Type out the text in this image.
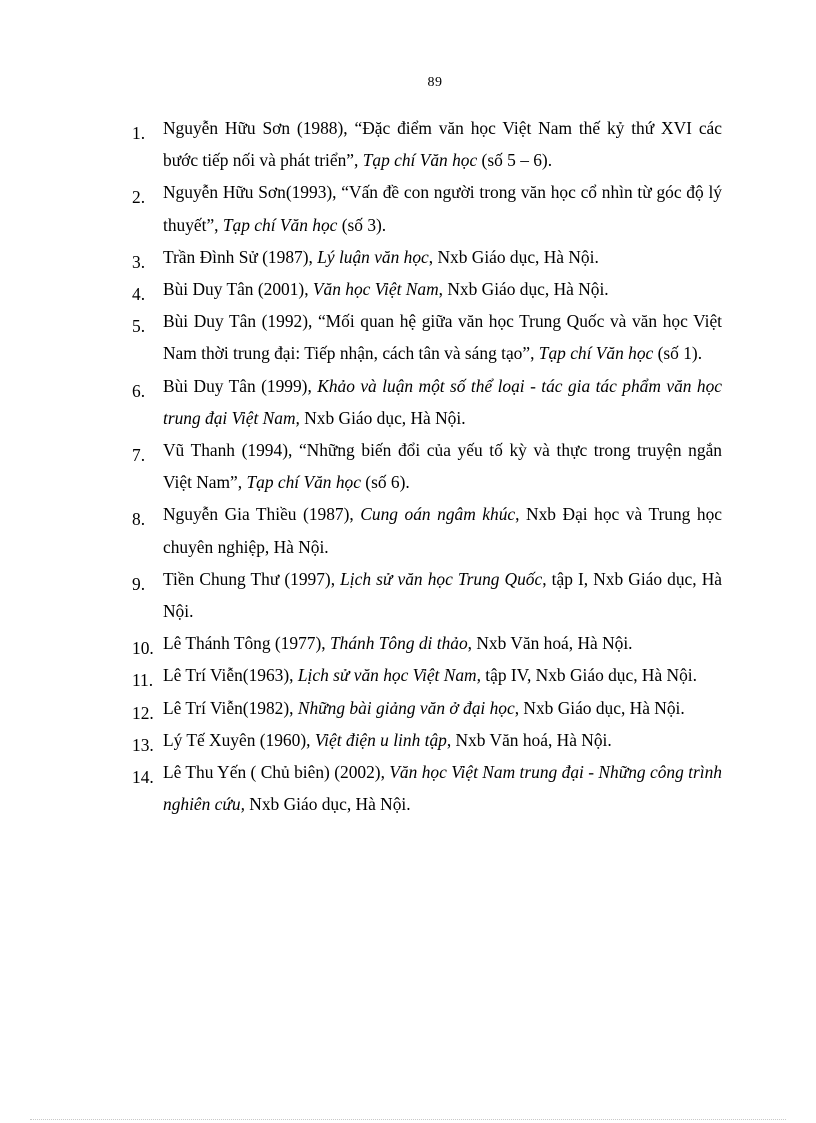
89
1.	Nguyễn Hữu Sơn (1988), “Đặc điểm văn học Việt Nam thế kỷ thứ XVI các bước tiếp nối và phát triển”, Tạp chí Văn học (số 5 – 6).
2.	Nguyễn Hữu Sơn(1993), “Vấn đề con người trong văn học cổ nhìn từ góc độ lý thuyết”, Tạp chí Văn học (số 3).
3.	Trần Đình Sử (1987), Lý luận văn học, Nxb Giáo dục, Hà Nội.
4.	Bùi Duy Tân (2001), Văn học Việt Nam, Nxb Giáo dục, Hà Nội.
5.	Bùi Duy Tân (1992), “Mối quan hệ giữa văn học Trung Quốc và văn học Việt Nam thời trung đại: Tiếp nhận, cách tân và sáng tạo”, Tạp chí Văn học (số 1).
6.	Bùi Duy Tân (1999), Khảo và luận một số thể loại - tác gia tác phẩm văn học trung đại Việt Nam, Nxb Giáo dục, Hà Nội.
7.	Vũ Thanh (1994), “Những biến đổi của yếu tố kỳ và thực trong truyện ngắn Việt Nam”, Tạp chí Văn học (số 6).
8.	Nguyễn Gia Thiều (1987), Cung oán ngâm khúc, Nxb Đại học và Trung học chuyên nghiệp, Hà Nội.
9.	Tiền Chung Thư (1997), Lịch sử văn học Trung Quốc, tập I, Nxb Giáo dục, Hà Nội.
10. Lê Thánh Tông (1977), Thánh Tông di thảo, Nxb Văn hoá, Hà Nội.
11. Lê Trí Viễn(1963), Lịch sử văn học Việt Nam, tập IV, Nxb Giáo dục, Hà Nội.
12. Lê Trí Viễn(1982), Những bài giảng văn ở đại học, Nxb Giáo dục, Hà Nội.
13. Lý Tế Xuyên (1960), Việt điện u linh tập, Nxb Văn hoá, Hà Nội.
14. Lê Thu Yến ( Chủ biên) (2002), Văn học Việt Nam trung đại - Những công trình nghiên cứu, Nxb Giáo dục, Hà Nội.
